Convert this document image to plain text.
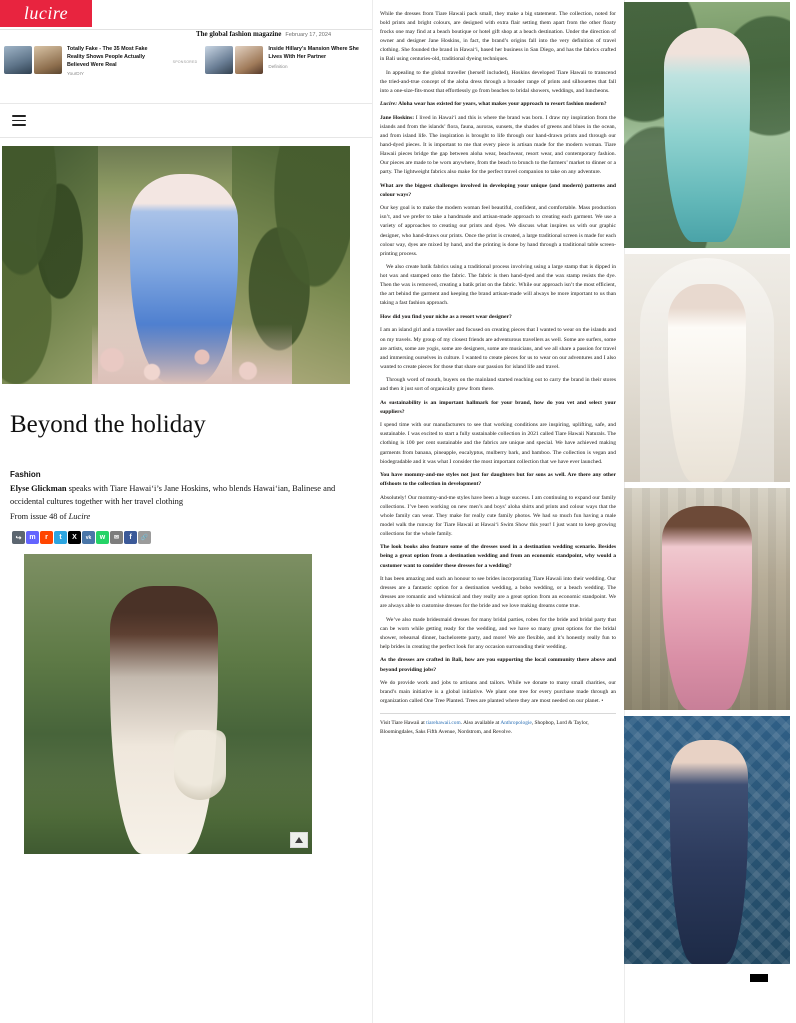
lucire
The global fashion magazine February 17, 2024
Totally Fake - The 35 Most Fake Reality Shows People Actually Believed Were Real
YourDIY
SPONSORED
Inside Hillary's Mansion Where She Lives With Her Partner
Definition
Beyond the holiday
Fashion
Elyse Glickman speaks with Tiare Hawai‘i’s Jane Hoskins, who blends Hawai‘ian, Balinese and occidental cultures together with her travel clothing
From issue 48 of Lucire
↪ m r t X vk w ✉ f 🔗

While the dresses from Tiare Hawaii pack small, they make a big statement. The collection, noted for bold prints and bright colours, are designed with extra flair setting them apart from the other floaty frocks one may find at a beach boutique or hotel gift shop at a beach destination. Under the direction of owner and designer Jane Hoskins, in fact, the brand’s origins fall into the very definition of travel clothing. She founded the brand in Hawai‘i, based her business in San Diego, and has the fabrics crafted in Bali using centuries-old, traditional dyeing techniques.

In appealing to the global traveller (herself included), Hoskins developed Tiare Hawaii to transcend the tried-and-true concept of the aloha dress through a broader range of prints and silhouettes that fall into a one-size-fits-most that effortlessly go from beaches to bridal showers, weddings, and luncheons.

Lucire: Aloha wear has existed for years, what makes your approach to resort fashion modern?

Jane Hoskins: I lived in Hawai‘i and this is where the brand was born. I draw my inspiration from the islands and from the islands’ flora, fauna, auroras, sunsets, the shades of greens and blues in the ocean, and from island life. The inspiration is brought to life through our hand-drawn prints and through our hand-dyed pieces. It is important to me that every piece is artisan made for the modern woman. Tiare Hawaii pieces bridge the gap between aloha wear, beachwear, resort wear, and contemporary fashion. Our pieces are made to be worn anywhere, from the beach to brunch to the farmers’ market to dinner or a party. The lightweight fabrics also make for the perfect travel companion to take on any adventure.

What are the biggest challenges involved in developing your unique (and modern) patterns and colour ways?

Our key goal is to make the modern woman feel beautiful, confident, and comfortable. Mass production isn’t, and we prefer to take a handmade and artisan-made approach to creating each garment. We use a variety of approaches to creating our prints and dyes. We discuss what inspires us with our graphic designer, who hand-draws our prints. Once the print is created, a large traditional screen is made for each colour way, dyes are mixed by hand, and the printing is done by hand through a traditional table screen-printing process.

We also create batik fabrics using a traditional process involving using a large stamp that is dipped in hot wax and stamped onto the fabric. The fabric is then hand-dyed and the wax stamp resists the dye. Then the wax is removed, creating a batik print on the fabric. While our approach isn’t the most efficient, the art behind the garment and keeping the brand artisan-made will always be more important to us than taking a fast fashion approach.

How did you find your niche as a resort wear designer?

I am an island girl and a traveller and focused on creating pieces that I wanted to wear on the islands and on my travels. My group of my closest friends are adventurous travellers as well. Some are surfers, some are artists, some are yogis, some are designers, some are musicians, and we all share a passion for travel and immersing ourselves in culture. I wanted to create pieces for us to wear on our adventures and I also wanted to create pieces for those that share our passion for island life and travel.

Through word of mouth, buyers on the mainland started reaching out to carry the brand in their stores and then it just sort of organically grew from there.

As sustainability is an important hallmark for your brand, how do you vet and select your suppliers?

I spend time with our manufacturers to see that working conditions are inspiring, uplifting, safe, and sustainable. I was excited to start a fully sustainable collection in 2021 called Tiare Hawaii Naturals. The clothing is 100 per cent sustainable and the fabrics are unique and special. We have achieved making garments from banana, pineapple, eucalyptus, mulberry bark, and bamboo. The collection is vegan and biodegradable and it was what I consider the most important collection that we have ever launched.

You have mommy-and-me styles not just for daughters but for sons as well. Are there any other offshoots to the collection in development?

Absolutely! Our mommy-and-me styles have been a huge success. I am continuing to expand our family collections. I’ve been working on new men’s and boys’ aloha shirts and prints and colour ways that the whole family can wear. They make for really cute family photos. We had so much fun having a male model walk the runway for Tiare Hawaii at Hawai‘i Swim Show this year! I just want to keep growing collections for the whole family.

The look books also feature some of the dresses used in a destination wedding scenario. Besides being a great option from a destination wedding and from an economic standpoint, why would a customer want to consider these dresses for a wedding?

It has been amazing and such an honour to see brides incorporating Tiare Hawaii into their wedding. Our dresses are a fantastic option for a destination wedding, a boho wedding, or a beach wedding. The dresses are romantic and whimsical and they really are a great option from an economic standpoint. We are always able to customise dresses for the bride and we love making dreams come true.

We’ve also made bridesmaid dresses for many bridal parties, robes for the bride and bridal party that can be worn while getting ready for the wedding, and we have so many great options for the bridal shower, rehearsal dinner, bachelorette party, and more! We are flexible, and it’s honestly really fun to help brides in creating the perfect look for any occasion surrounding their wedding.

As the dresses are crafted in Bali, how are you supporting the local community there above and beyond providing jobs?

We do provide work and jobs to artisans and tailors. While we donate to many small charities, our brand’s main initiative is a global initiative. We plant one tree for every purchase made through an organization called One Tree Planted. Trees are planted where they are most needed on our planet. •

Visit Tiare Hawaii at tiarehawaii.com. Also available at Anthropologie, Shopbop, Lord & Taylor, Bloomingdales, Saks Fifth Avenue, Nordstrom, and Revolve.
